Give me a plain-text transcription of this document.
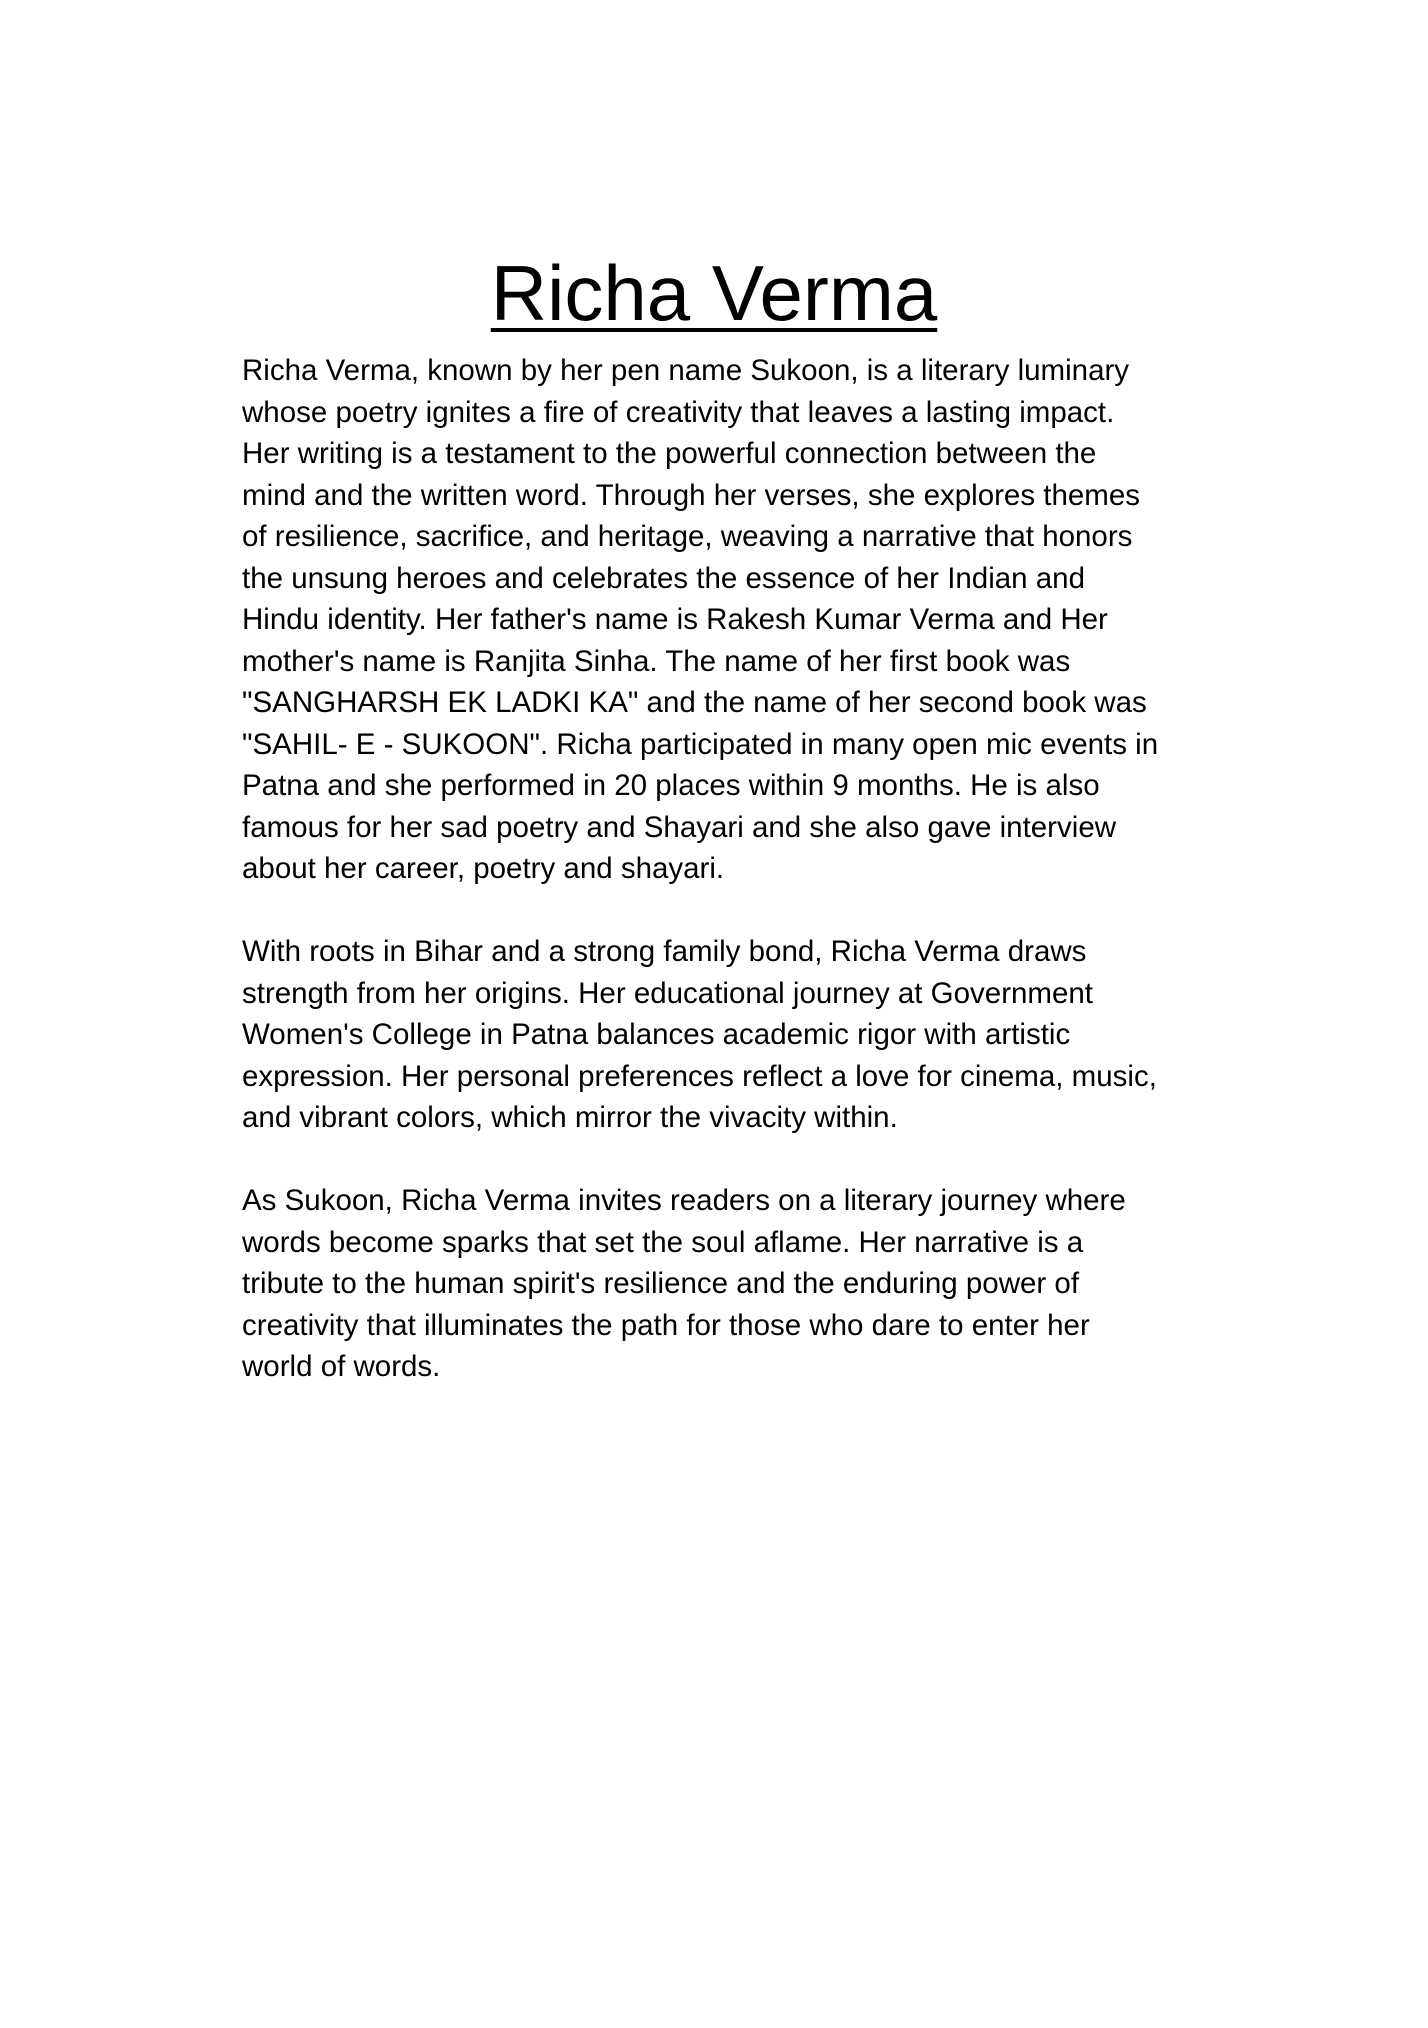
Richa Verma

Richa Verma, known by her pen name Sukoon, is a literary luminary
whose poetry ignites a fire of creativity that leaves a lasting impact.
Her writing is a testament to the powerful connection between the
mind and the written word. Through her verses, she explores themes
of resilience, sacrifice, and heritage, weaving a narrative that honors
the unsung heroes and celebrates the essence of her Indian and
Hindu identity. Her father's name is Rakesh Kumar Verma and Her
mother's name is Ranjita Sinha. The name of her first book was
"SANGHARSH EK LADKI KA" and the name of her second book was
"SAHIL- E - SUKOON". Richa participated in many open mic events in
Patna and she performed in 20 places within 9 months. He is also
famous for her sad poetry and Shayari and she also gave interview
about her career, poetry and shayari.

With roots in Bihar and a strong family bond, Richa Verma draws
strength from her origins. Her educational journey at Government
Women's College in Patna balances academic rigor with artistic
expression. Her personal preferences reflect a love for cinema, music,
and vibrant colors, which mirror the vivacity within.

As Sukoon, Richa Verma invites readers on a literary journey where
words become sparks that set the soul aflame. Her narrative is a
tribute to the human spirit's resilience and the enduring power of
creativity that illuminates the path for those who dare to enter her
world of words.
